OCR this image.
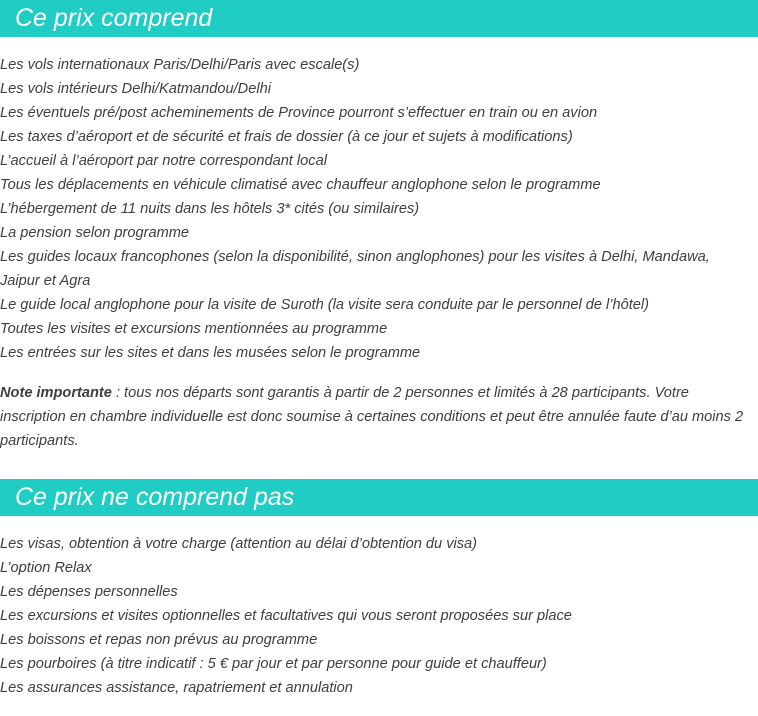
Ce prix comprend
Les vols internationaux Paris/Delhi/Paris avec escale(s)
Les vols intérieurs Delhi/Katmandou/Delhi
Les éventuels pré/post acheminements de Province pourront s’effectuer en train ou en avion
Les taxes d’aéroport et de sécurité et frais de dossier (à ce jour et sujets à modifications)
L’accueil à l’aéroport par notre correspondant local
Tous les déplacements en véhicule climatisé avec chauffeur anglophone selon le programme
L’hébergement de 11 nuits dans les hôtels 3* cités (ou similaires)
La pension selon programme
Les guides locaux francophones (selon la disponibilité, sinon anglophones) pour les visites à Delhi, Mandawa, Jaipur et Agra
Le guide local anglophone pour la visite de Suroth (la visite sera conduite par le personnel de l’hôtel)
Toutes les visites et excursions mentionnées au programme
Les entrées sur les sites et dans les musées selon le programme

Note importante : tous nos départs sont garantis à partir de 2 personnes et limités à 28 participants. Votre inscription en chambre individuelle est donc soumise à certaines conditions et peut être annulée faute d’au moins 2 participants.

Ce prix ne comprend pas
Les visas, obtention à votre charge (attention au délai d’obtention du visa)
L’option Relax
Les dépenses personnelles
Les excursions et visites optionnelles et facultatives qui vous seront proposées sur place
Les boissons et repas non prévus au programme
Les pourboires (à titre indicatif : 5 € par jour et par personne pour guide et chauffeur)
Les assurances assistance, rapatriement et annulation
